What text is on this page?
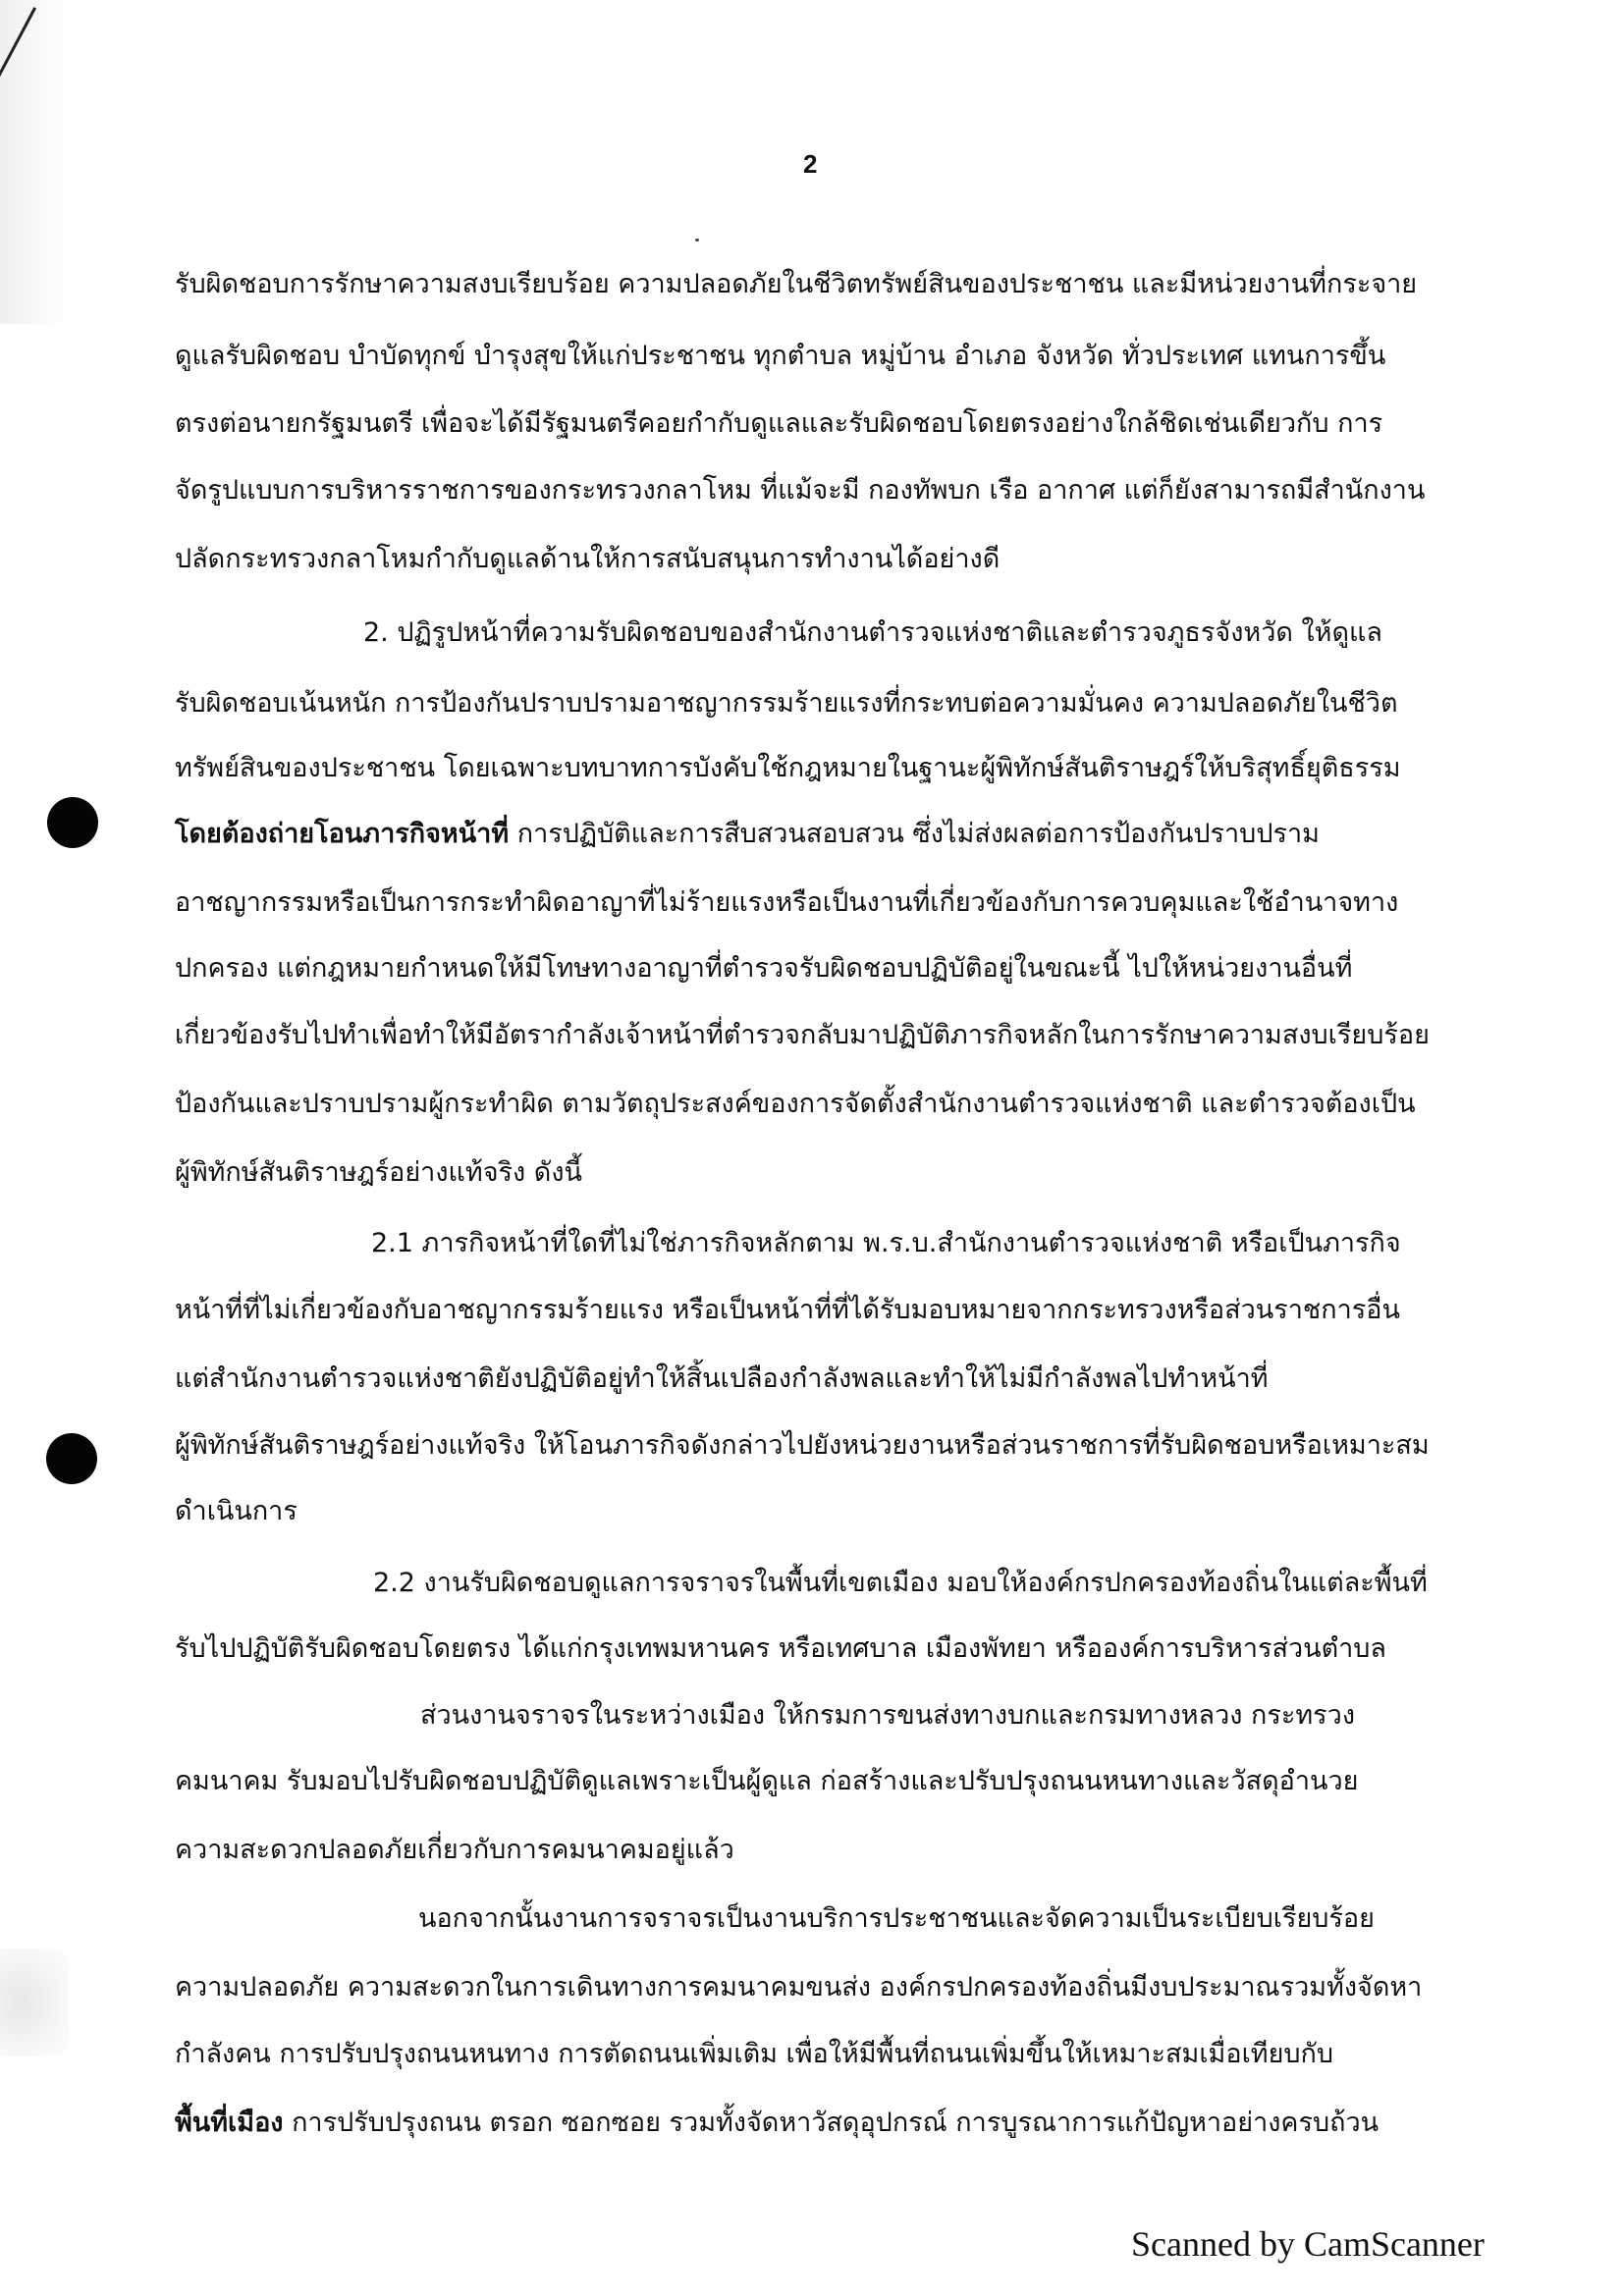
2
รับผิดชอบการรักษาความสงบเรียบร้อย ความปลอดภัยในชีวิตทรัพย์สินของประชาชน และมีหน่วยงานที่กระจาย
ดูแลรับผิดชอบ บำบัดทุกข์ บำรุงสุขให้แก่ประชาชน ทุกตำบล หมู่บ้าน อำเภอ จังหวัด ทั่วประเทศ แทนการขึ้น
ตรงต่อนายกรัฐมนตรี เพื่อจะได้มีรัฐมนตรีคอยกำกับดูแลและรับผิดชอบโดยตรงอย่างใกล้ชิดเช่นเดียวกับ การ
จัดรูปแบบการบริหารราชการของกระทรวงกลาโหม ที่แม้จะมี กองทัพบก เรือ อากาศ แต่ก็ยังสามารถมีสำนักงาน
ปลัดกระทรวงกลาโหมกำกับดูแลด้านให้การสนับสนุนการทำงานได้อย่างดี
2. ปฏิรูปหน้าที่ความรับผิดชอบของสำนักงานตำรวจแห่งชาติและตำรวจภูธรจังหวัด ให้ดูแล
รับผิดชอบเน้นหนัก การป้องกันปราบปรามอาชญากรรมร้ายแรงที่กระทบต่อความมั่นคง ความปลอดภัยในชีวิต
ทรัพย์สินของประชาชน โดยเฉพาะบทบาทการบังคับใช้กฎหมายในฐานะผู้พิทักษ์สันติราษฎร์ให้บริสุทธิ์ยุติธรรม
โดยต้องถ่ายโอนภารกิจหน้าที่ การปฏิบัติและการสืบสวนสอบสวน ซึ่งไม่ส่งผลต่อการป้องกันปราบปราม
อาชญากรรมหรือเป็นการกระทำผิดอาญาที่ไม่ร้ายแรงหรือเป็นงานที่เกี่ยวข้องกับการควบคุมและใช้อำนาจทาง
ปกครอง แต่กฎหมายกำหนดให้มีโทษทางอาญาที่ตำรวจรับผิดชอบปฏิบัติอยู่ในขณะนี้ ไปให้หน่วยงานอื่นที่
เกี่ยวข้องรับไปทำเพื่อทำให้มีอัตรากำลังเจ้าหน้าที่ตำรวจกลับมาปฏิบัติภารกิจหลักในการรักษาความสงบเรียบร้อย
ป้องกันและปราบปรามผู้กระทำผิด ตามวัตถุประสงค์ของการจัดตั้งสำนักงานตำรวจแห่งชาติ และตำรวจต้องเป็น
ผู้พิทักษ์สันติราษฎร์อย่างแท้จริง ดังนี้
2.1 ภารกิจหน้าที่ใดที่ไม่ใช่ภารกิจหลักตาม พ.ร.บ.สำนักงานตำรวจแห่งชาติ หรือเป็นภารกิจ
หน้าที่ที่ไม่เกี่ยวข้องกับอาชญากรรมร้ายแรง หรือเป็นหน้าที่ที่ได้รับมอบหมายจากกระทรวงหรือส่วนราชการอื่น
แต่สำนักงานตำรวจแห่งชาติยังปฏิบัติอยู่ทำให้สิ้นเปลืองกำลังพลและทำให้ไม่มีกำลังพลไปทำหน้าที่
ผู้พิทักษ์สันติราษฎร์อย่างแท้จริง ให้โอนภารกิจดังกล่าวไปยังหน่วยงานหรือส่วนราชการที่รับผิดชอบหรือเหมาะสม
ดำเนินการ
2.2 งานรับผิดชอบดูแลการจราจรในพื้นที่เขตเมือง มอบให้องค์กรปกครองท้องถิ่นในแต่ละพื้นที่
รับไปปฏิบัติรับผิดชอบโดยตรง ได้แก่กรุงเทพมหานคร หรือเทศบาล เมืองพัทยา หรือองค์การบริหารส่วนตำบล
ส่วนงานจราจรในระหว่างเมือง ให้กรมการขนส่งทางบกและกรมทางหลวง กระทรวง
คมนาคม รับมอบไปรับผิดชอบปฏิบัติดูแลเพราะเป็นผู้ดูแล ก่อสร้างและปรับปรุงถนนหนทางและวัสดุอำนวย
ความสะดวกปลอดภัยเกี่ยวกับการคมนาคมอยู่แล้ว
นอกจากนั้นงานการจราจรเป็นงานบริการประชาชนและจัดความเป็นระเบียบเรียบร้อย
ความปลอดภัย ความสะดวกในการเดินทางการคมนาคมขนส่ง องค์กรปกครองท้องถิ่นมีงบประมาณรวมทั้งจัดหา
กำลังคน การปรับปรุงถนนหนทาง การตัดถนนเพิ่มเติม เพื่อให้มีพื้นที่ถนนเพิ่มขึ้นให้เหมาะสมเมื่อเทียบกับ
พื้นที่เมือง การปรับปรุงถนน ตรอก ซอกซอย รวมทั้งจัดหาวัสดุอุปกรณ์ การบูรณาการแก้ปัญหาอย่างครบถ้วน
Scanned by CamScanner
